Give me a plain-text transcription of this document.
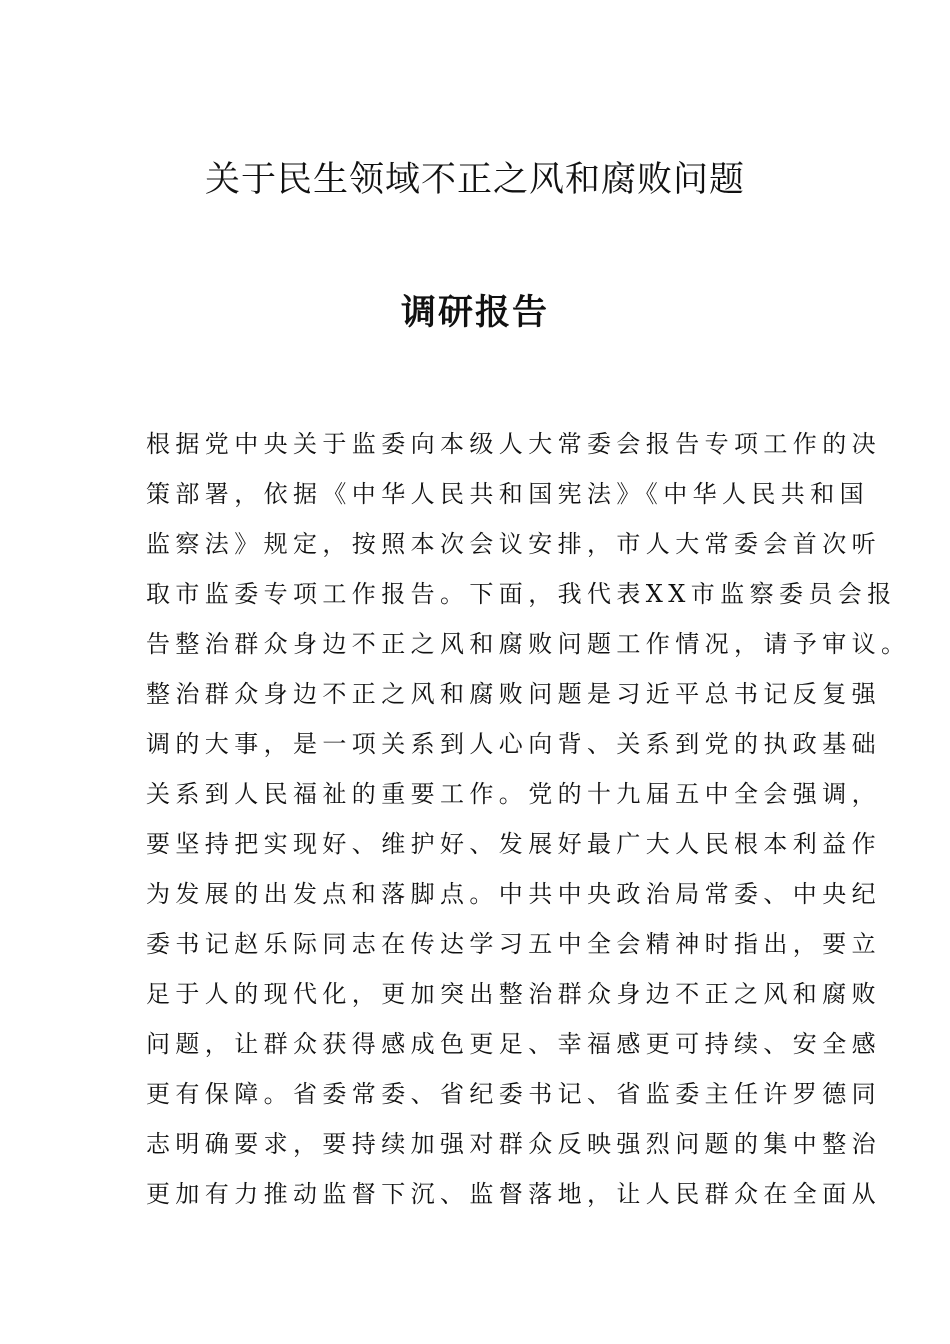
关于民生领域不正之风和腐败问题
调研报告
根据党中央关于监委向本级人大常委会报告专项工作的决
策部署，依据《中华人民共和国宪法》《中华人民共和国
监察法》规定，按照本次会议安排，市人大常委会首次听
取市监委专项工作报告。下面，我代表XX市监察委员会报
告整治群众身边不正之风和腐败问题工作情况，请予审议。
整治群众身边不正之风和腐败问题是习近平总书记反复强
调的大事，是一项关系到人心向背、关系到党的执政基础
关系到人民福祉的重要工作。党的十九届五中全会强调，
要坚持把实现好、维护好、发展好最广大人民根本利益作
为发展的出发点和落脚点。中共中央政治局常委、中央纪
委书记赵乐际同志在传达学习五中全会精神时指出，要立
足于人的现代化，更加突出整治群众身边不正之风和腐败
问题，让群众获得感成色更足、幸福感更可持续、安全感
更有保障。省委常委、省纪委书记、省监委主任许罗德同
志明确要求，要持续加强对群众反映强烈问题的集中整治
更加有力推动监督下沉、监督落地，让人民群众在全面从
